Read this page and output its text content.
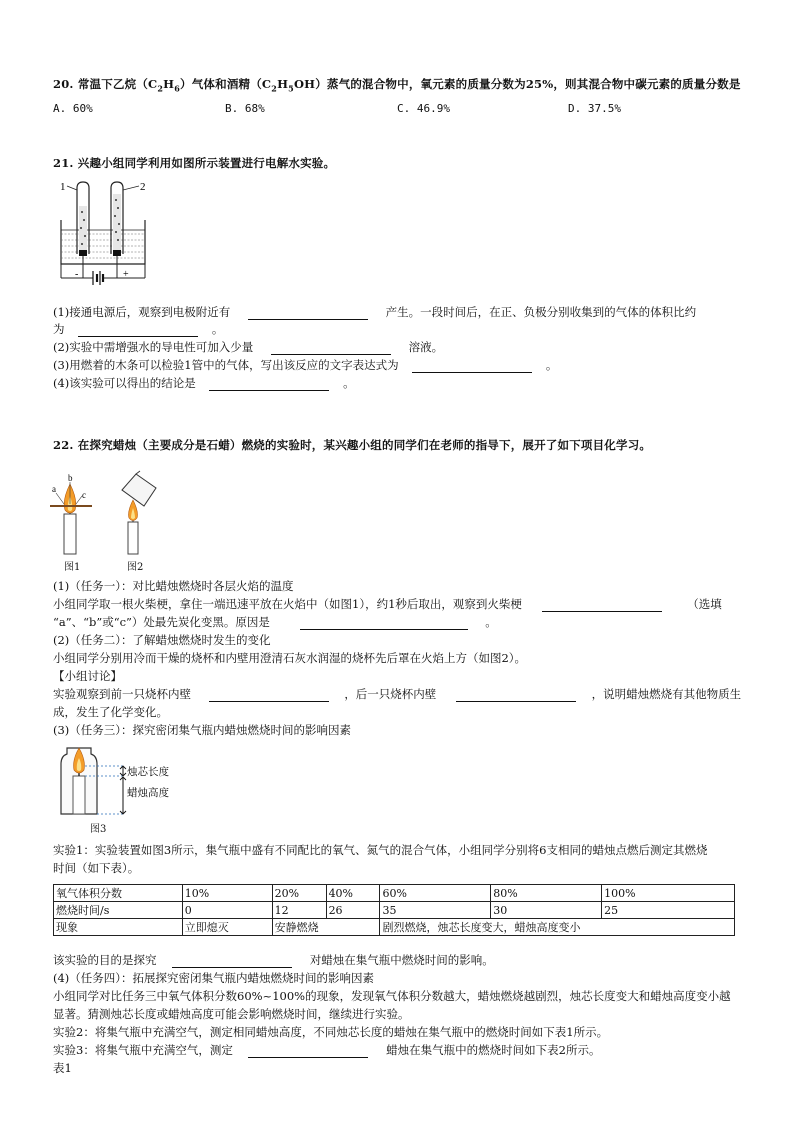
20. 常温下乙烷$(C_2H_6)$气体和酒精$(C_2H_5OH)$蒸气的混合物中，氧元素的质量分数为25%，则其混合物中碳元素的质量分数是
A. 60%	B. 68%	C. 46.9%	D. 37.5%
21. 兴趣小组同学利用如图所示装置进行电解水实验。
1	2
-	+
(1)接通电源后，观察到电极附近有	产生。一段时间后，在正、负极分别收集到的气体的体积比约
为	。
(2)实验中需增强水的导电性可加入少量	溶液。
(3)用燃着的木条可以检验1管中的气体，写出该反应的文字表达式为	。
(4)该实验可以得出的结论是	。
22. 在探究蜡烛（主要成分是石蜡）燃烧的实验时，某兴趣小组的同学们在老师的指导下，展开了如下项目化学习。
a
b
c
图1	图2
(1)（任务一）：对比蜡烛燃烧时各层火焰的温度
小组同学取一根火柴梗，拿住一端迅速平放在火焰中（如图1），约1秒后取出，观察到火柴梗	（选填
“a”、“b”或“c”）处最先炭化变黑。原因是	。
(2)（任务二）：了解蜡烛燃烧时发生的变化
小组同学分别用冷而干燥的烧杯和内壁用澄清石灰水润湿的烧杯先后罩在火焰上方（如图2）。
【小组讨论】
实验观察到前一只烧杯内壁	，后一只烧杯内壁	，说明蜡烛燃烧有其他物质生
成，发生了化学变化。
(3)（任务三）：探究密闭集气瓶内蜡烛燃烧时间的影响因素
烛芯长度
蜡烛高度
图3
实验1：实验装置如图3所示，集气瓶中盛有不同配比的氧气、氮气的混合气体，小组同学分别将6支相同的蜡烛点燃后测定其燃烧
时间（如下表）。
氧气体积分数	10%	20%	40%	60%	80%	100%
燃烧时间/s	0	12	26	35	30	25
现象	立即熄灭	安静燃烧		剧烈燃烧，烛芯长度变大，蜡烛高度变小		
该实验的目的是探究	对蜡烛在集气瓶中燃烧时间的影响。
(4)（任务四）：拓展探究密闭集气瓶内蜡烛燃烧时间的影响因素
小组同学对比任务三中氧气体积分数60%~100%的现象，发现氧气体积分数越大，蜡烛燃烧越剧烈，烛芯长度变大和蜡烛高度变小越
显著。猜测烛芯长度或蜡烛高度可能会影响燃烧时间，继续进行实验。
实验2：将集气瓶中充满空气，测定相同蜡烛高度，不同烛芯长度的蜡烛在集气瓶中的燃烧时间如下表1所示。
实验3：将集气瓶中充满空气，测定	蜡烛在集气瓶中的燃烧时间如下表2所示。
表1
